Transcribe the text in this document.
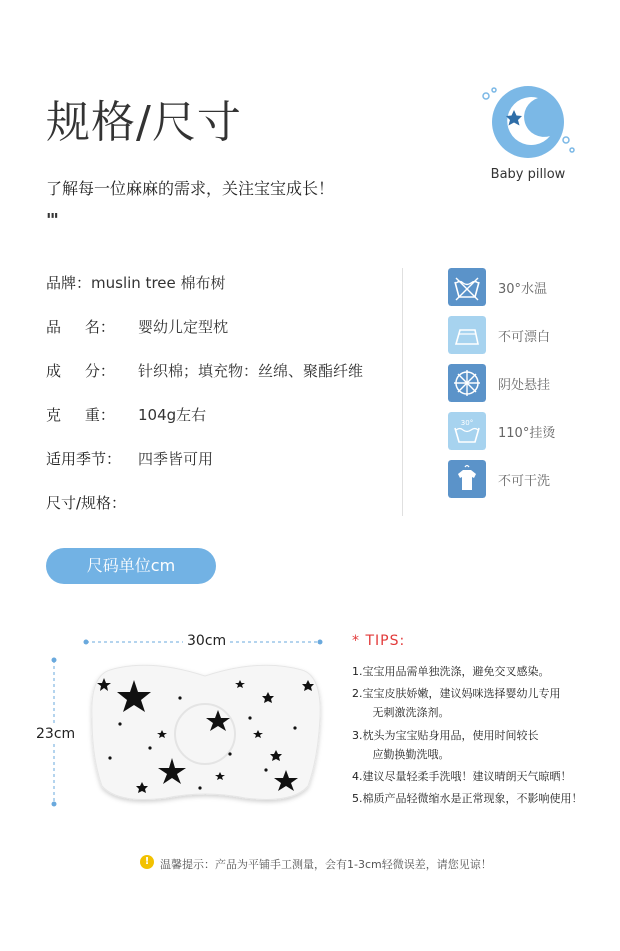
规格/尺寸
了解每一位麻麻的需求，关注宝宝成长！
"'
Baby pillow
品牌：muslin tree 棉布树
品     名： 婴幼儿定型枕
成     分： 针织棉；填充物：丝绵、聚酯纤维
克     重： 104g左右
适用季节： 四季皆可用
尺寸/规格：
30°水温
不可漂白
阴处悬挂
30°
110°挂烫
不可干洗
尺码单位cm
30cm
23cm
* TIPS:
1.宝宝用品需单独洗涤，避免交叉感染。
2.宝宝皮肤娇嫩，建议妈咪选择婴幼儿专用
无刺激洗涤剂。
3.枕头为宝宝贴身用品，使用时间较长
应勤换勤洗哦。
4.建议尽量轻柔手洗哦！建议晴朗天气晾晒！
5.棉质产品轻微缩水是正常现象，不影响使用！
! 温馨提示：产品为平铺手工测量，会有1-3cm轻微误差，请您见谅！
